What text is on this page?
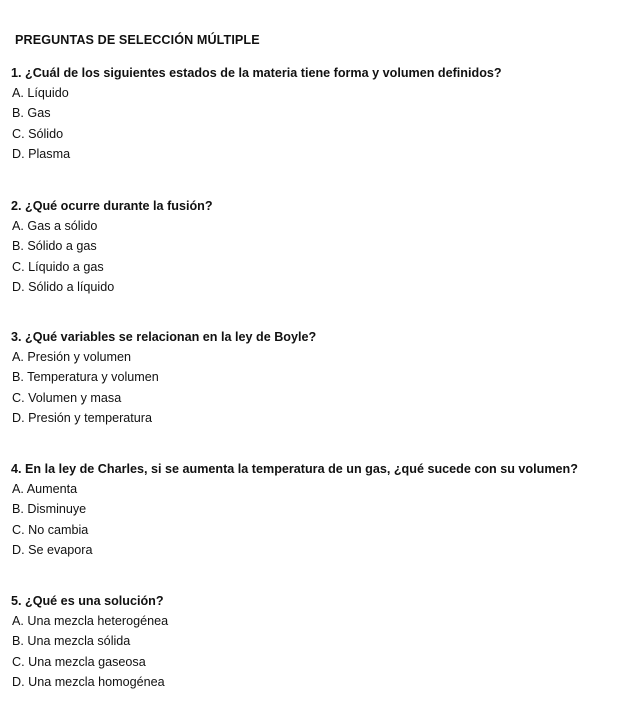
PREGUNTAS DE SELECCIÓN MÚLTIPLE
1. ¿Cuál de los siguientes estados de la materia tiene forma y volumen definidos?
A. Líquido
B. Gas
C. Sólido
D. Plasma
2. ¿Qué ocurre durante la fusión?
A. Gas a sólido
B. Sólido a gas
C. Líquido a gas
D. Sólido a líquido
3. ¿Qué variables se relacionan en la ley de Boyle?
A. Presión y volumen
B. Temperatura y volumen
C. Volumen y masa
D. Presión y temperatura
4. En la ley de Charles, si se aumenta la temperatura de un gas, ¿qué sucede con su volumen?
A. Aumenta
B. Disminuye
C. No cambia
D. Se evapora
5. ¿Qué es una solución?
A. Una mezcla heterogénea
B. Una mezcla sólida
C. Una mezcla gaseosa
D. Una mezcla homogénea
